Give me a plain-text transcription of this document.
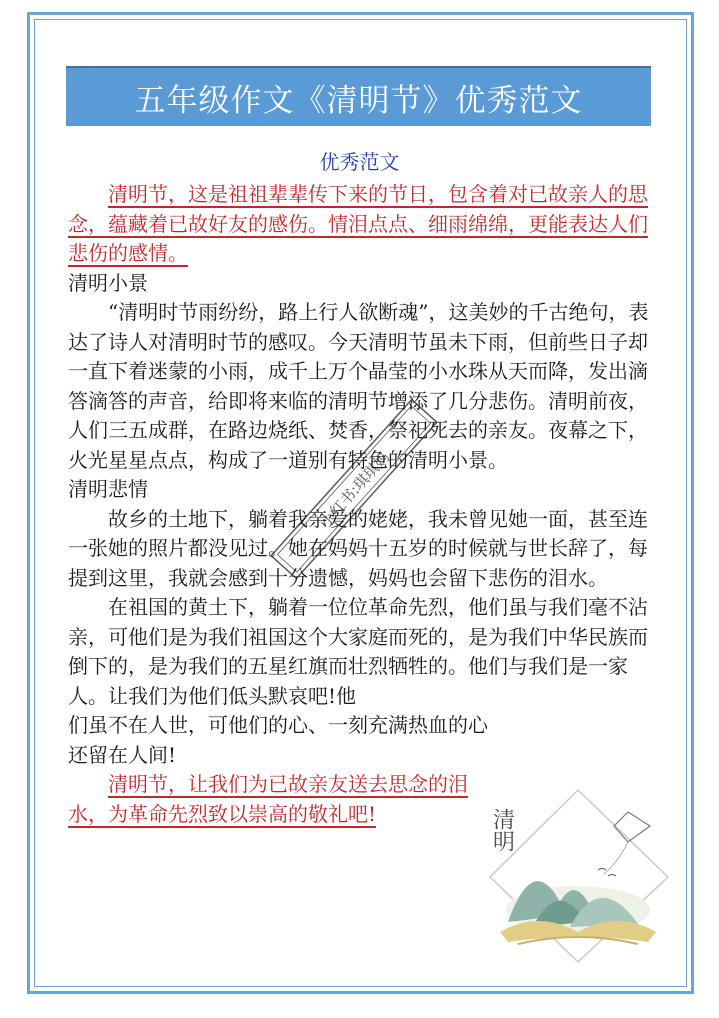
五年级作文《清明节》优秀范文
优秀范文

清明节，这是祖祖辈辈传下来的节日，包含着对已故亲人的思念，蕴藏着已故好友的感伤。情泪点点、细雨绵绵，更能表达人们悲伤的感情。

清明小景

“清明时节雨纷纷，路上行人欲断魂”，这美妙的千古绝句，表达了诗人对清明时节的感叹。今天清明节虽未下雨，但前些日子却一直下着迷蒙的小雨，成千上万个晶莹的小水珠从天而降，发出滴答滴答的声音，给即将来临的清明节增添了几分悲伤。清明前夜，人们三五成群，在路边烧纸、焚香，祭祀死去的亲友。夜幕之下，火光星星点点，构成了一道别有特色的清明小景。

清明悲情

故乡的土地下，躺着我亲爱的姥姥，我未曾见她一面，甚至连一张她的照片都没见过。她在妈妈十五岁的时候就与世长辞了，每提到这里，我就会感到十分遗憾，妈妈也会留下悲伤的泪水。

在祖国的黄土下，躺着一位位革命先烈，他们虽与我们毫不沾亲，可他们是为我们祖国这个大家庭而死的，是为我们中华民族而倒下的，是为我们的五星红旗而壮烈牺牲的。他们与我们是一家人。让我们为他们低头默哀吧!他

们虽不在人世，可他们的心、一刻充满热血的心还留在人间!

清明节，让我们为已故亲友送去思念的泪水，为革命先烈致以崇高的敬礼吧!

小红书:琪琪妈
清明
